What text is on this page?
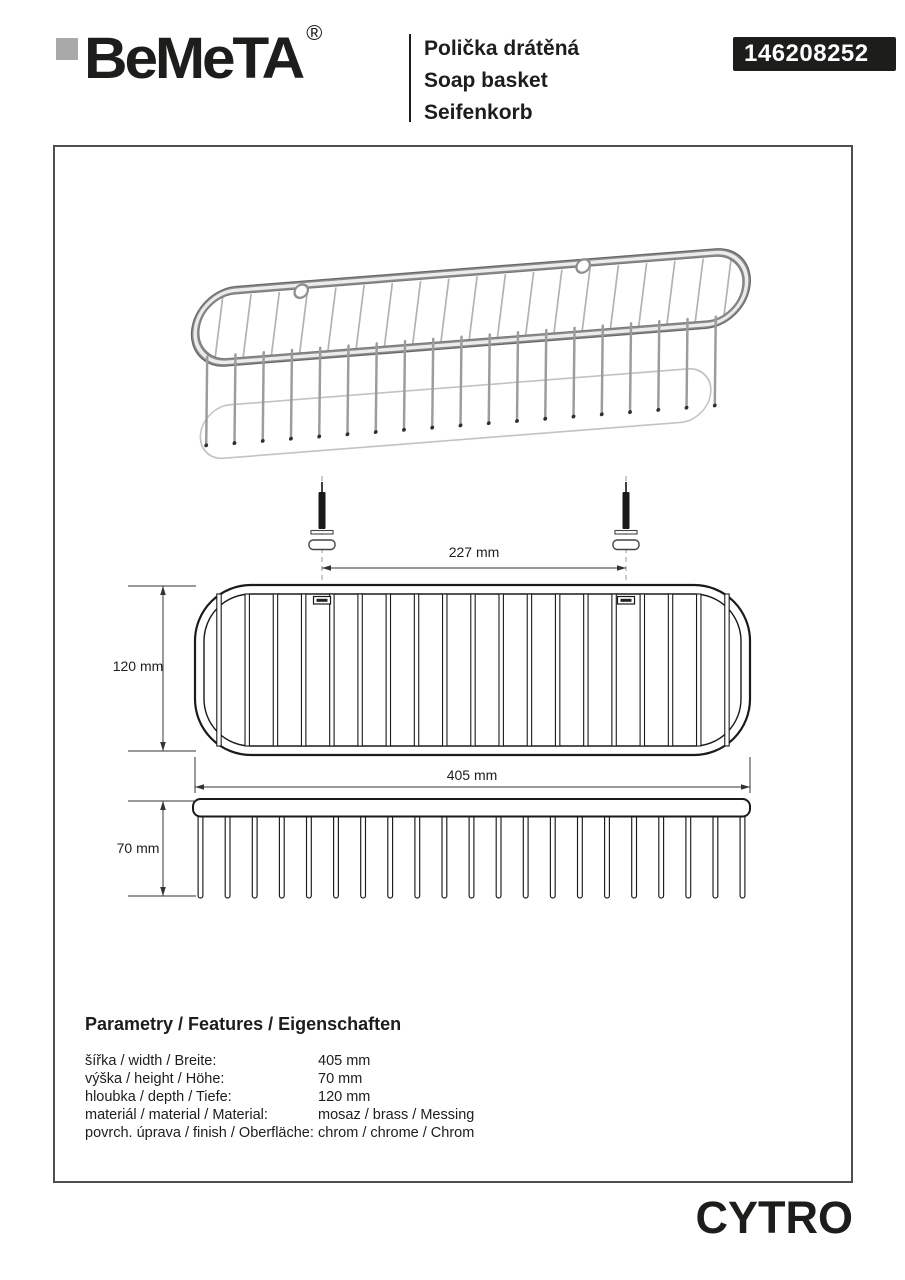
BeMeTA ®
Polička drátěná
Soap basket
Seifenkorb
146208252
227 mm
120 mm
405 mm
70 mm
Parametry / Features / Eigenschaften
šířka / width / Breite:	405 mm
výška / height / Höhe:	70 mm
hloubka / depth / Tiefe:	120 mm
materiál / material / Material:	mosaz / brass / Messing
povrch. úprava / finish / Oberfläche: chrom / chrome / Chrom
CYTRO
